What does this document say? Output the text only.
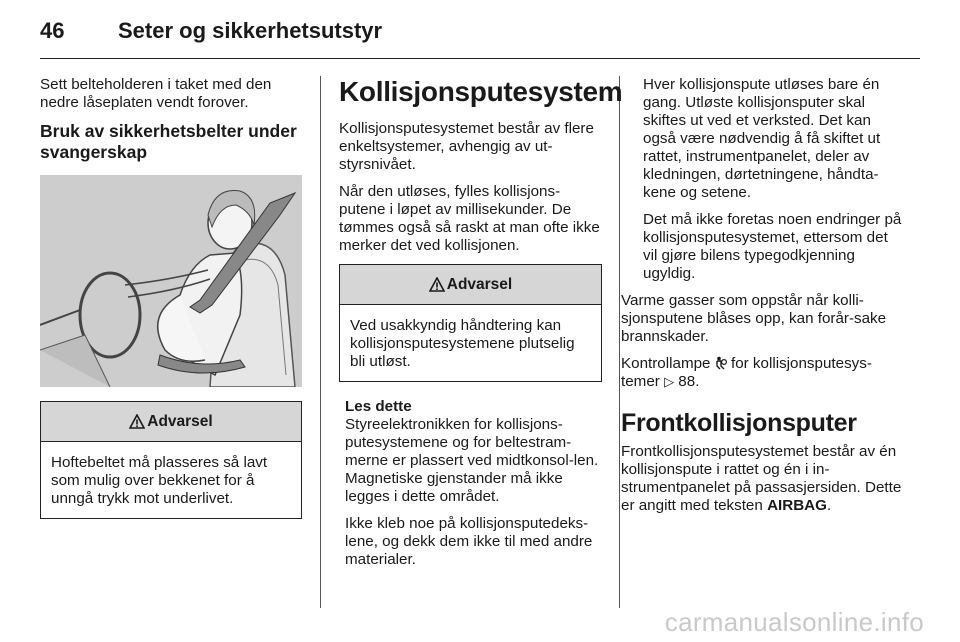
46	Seter og sikkerhetsutstyr

Sett belteholderen i taket med den nedre låseplaten vendt forover.

Bruk av sikkerhetsbelter under svangerskap
Advarsel
Hoftebeltet må plasseres så lavt som mulig over bekkenet for å unngå trykk mot underlivet.
Kollisjonsputesystem

Kollisjonsputesystemet består av flere enkeltsystemer, avhengig av ut-styrsnivået.

Når den utløses, fylles kollisjons-putene i løpet av millisekunder. De tømmes også så raskt at man ofte ikke merker det ved kollisjonen.

Advarsel
Ved usakkyndig håndtering kan kollisjonsputesystemene plutselig bli utløst.
Les dette

Styreelektronikken for kollisjons-putesystemene og for beltestram-merne er plassert ved midtkonsol-len. Magnetiske gjenstander må ikke legges i dette området.

Ikke kleb noe på kollisjonsputedeks-lene, og dekk dem ikke til med andre materialer.

Hver kollisjonspute utløses bare én gang. Utløste kollisjonsputer skal skiftes ut ved et verksted. Det kan også være nødvendig å få skiftet ut rattet, instrumentpanelet, deler av kledningen, dørtetningene, håndta-kene og setene.

Det må ikke foretas noen endringer på kollisjonsputesystemet, ettersom det vil gjøre bilens typegodkjenning ugyldig.

Varme gasser som oppstår når kolli-sjonsputene blåses opp, kan forår-sake brannskader.

Kontrollampe for kollisjonsputesys-temer ▷ 88.

Frontkollisjonsputer

Frontkollisjonsputesystemet består av én kollisjonspute i rattet og én i in-strumentpanelet på passasjersiden. Dette er angitt med teksten AIRBAG.

carmanualsonline.info
